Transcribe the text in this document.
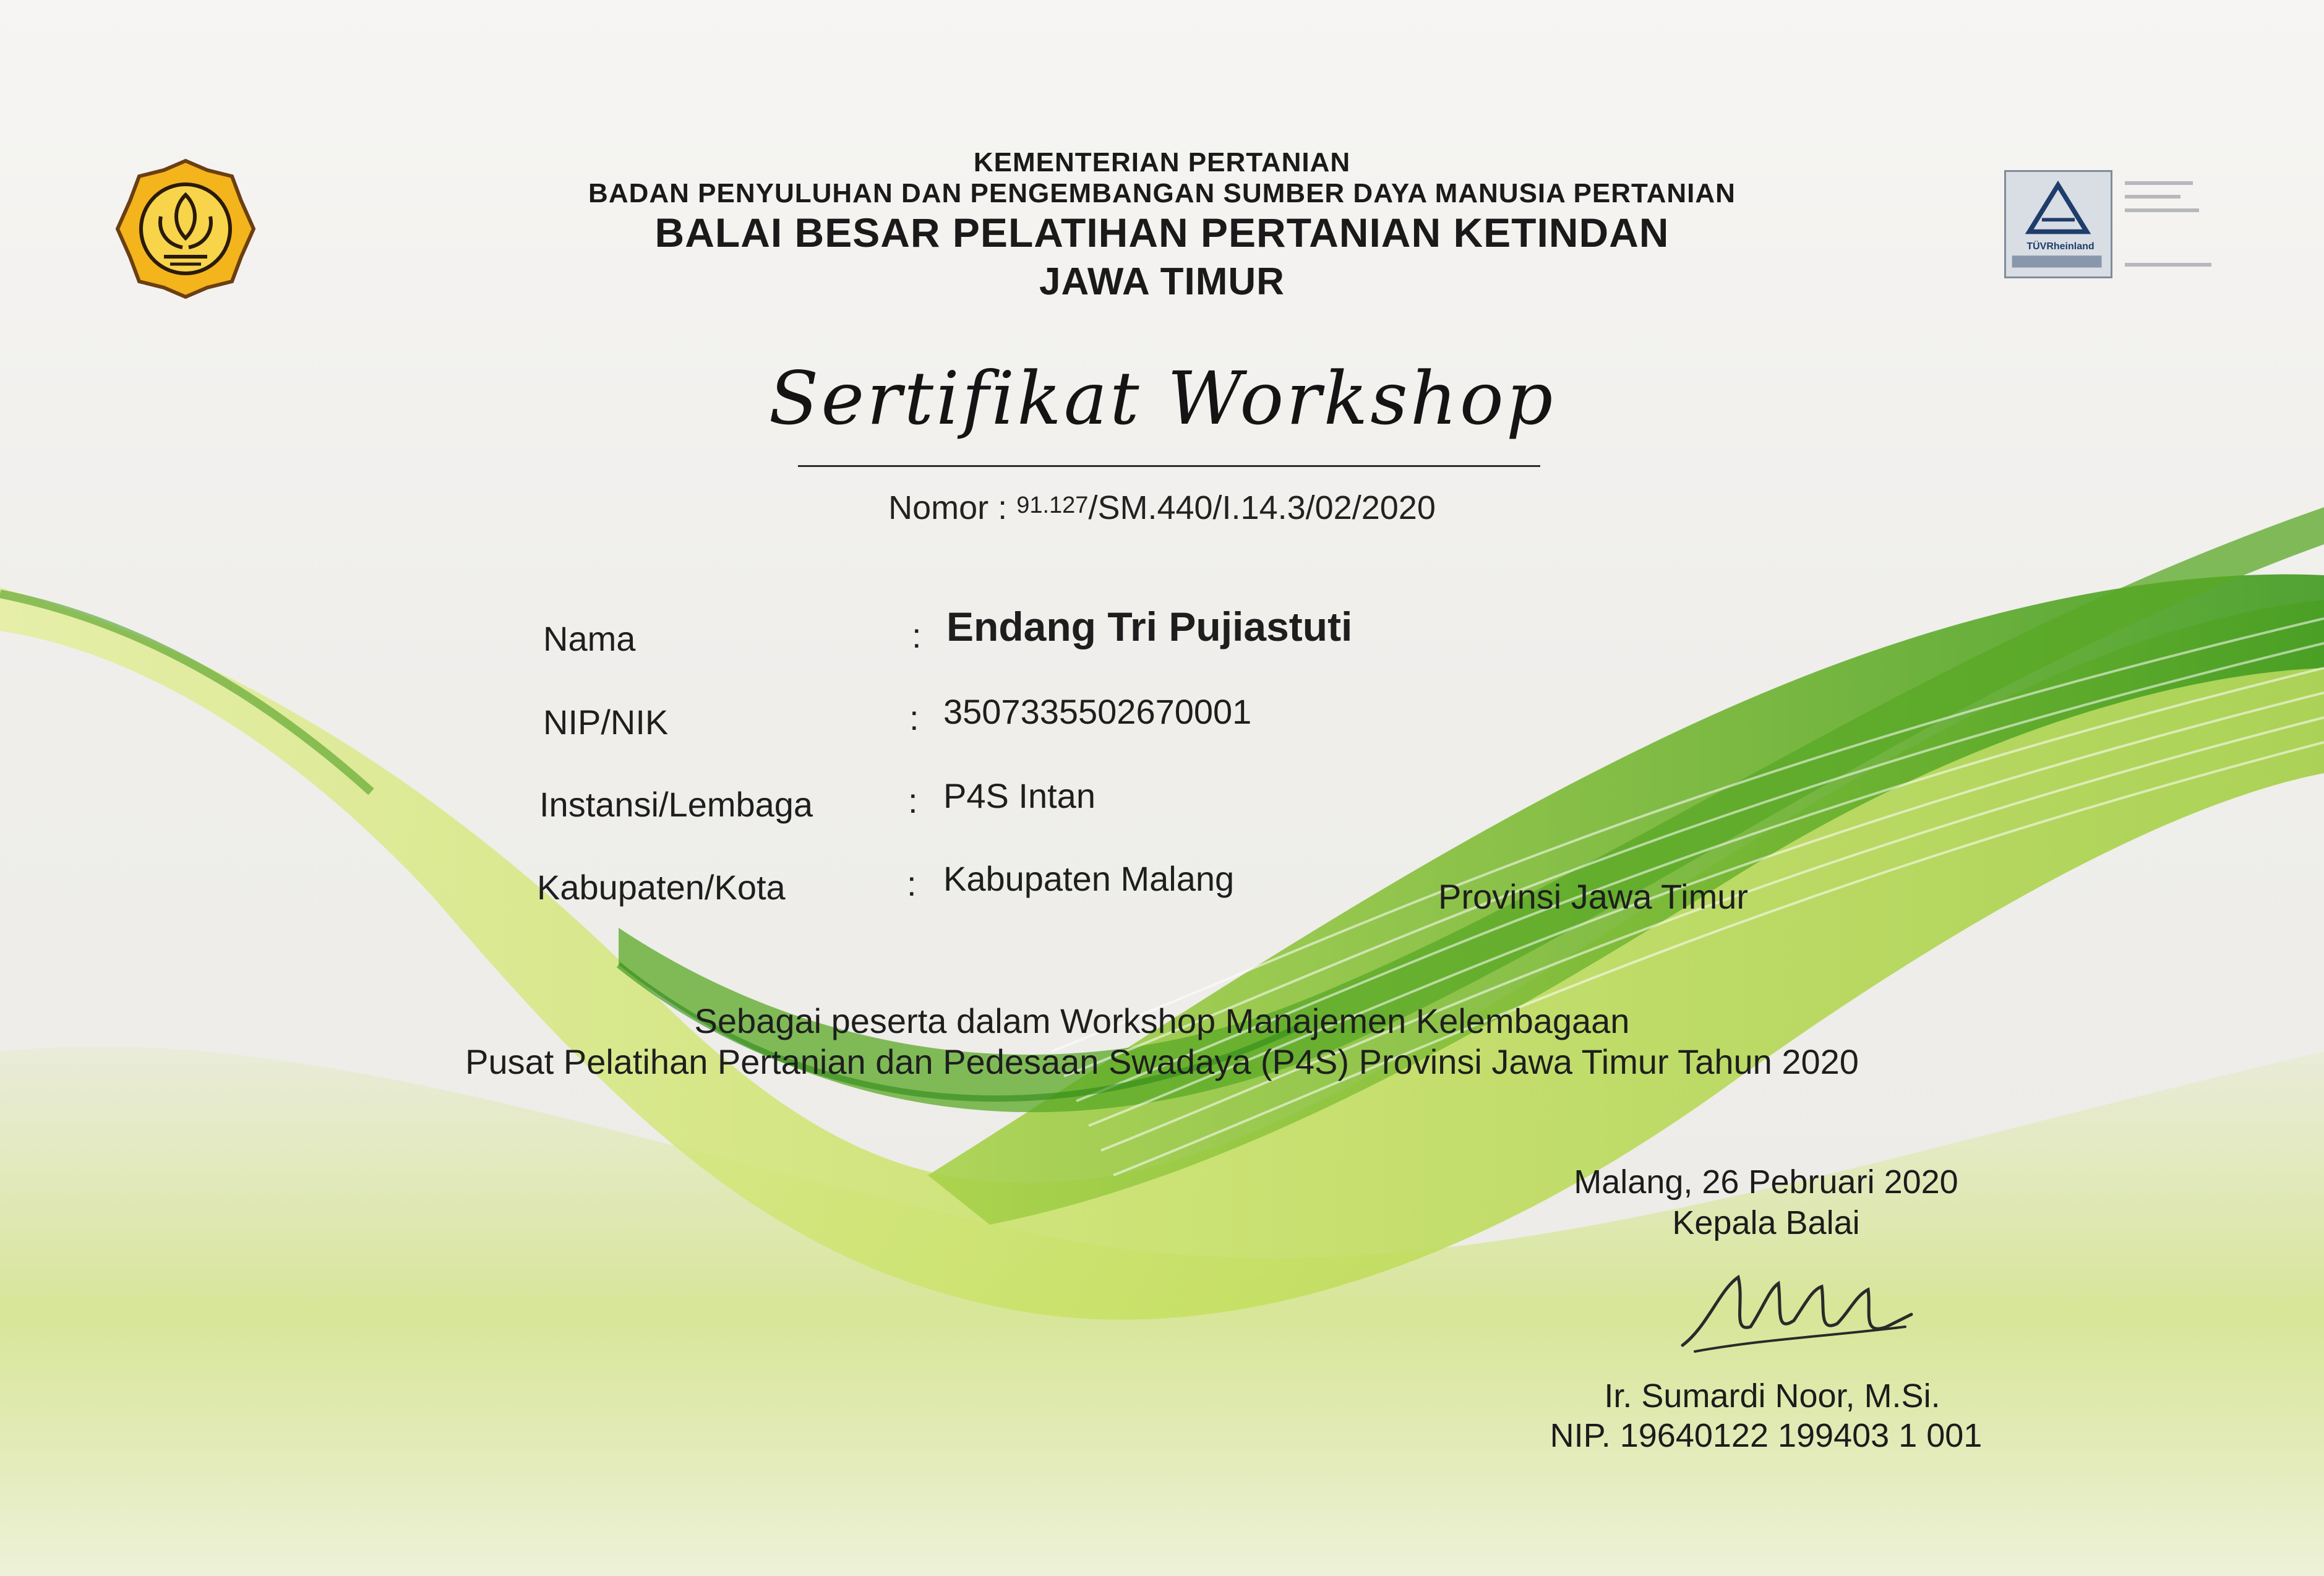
TÜVRheinland
KEMENTERIAN PERTANIAN
BADAN PENYULUHAN DAN PENGEMBANGAN SUMBER DAYA MANUSIA PERTANIAN
BALAI BESAR PELATIHAN PERTANIAN KETINDAN
JAWA TIMUR
Sertifikat Workshop
Nomor : 91.127/SM.440/I.14.3/02/2020
Nama	: Endang Tri Pujiastuti
NIP/NIK	: 3507335502670001
Instansi/Lembaga	: P4S Intan
Kabupaten/Kota	: Kabupaten Malang	Provinsi Jawa Timur
Sebagai peserta dalam Workshop Manajemen Kelembagaan
Pusat Pelatihan Pertanian dan Pedesaan Swadaya (P4S) Provinsi Jawa Timur Tahun 2020
Malang, 26 Pebruari 2020
Kepala Balai
Ir. Sumardi Noor, M.Si.
NIP. 19640122 199403 1 001
